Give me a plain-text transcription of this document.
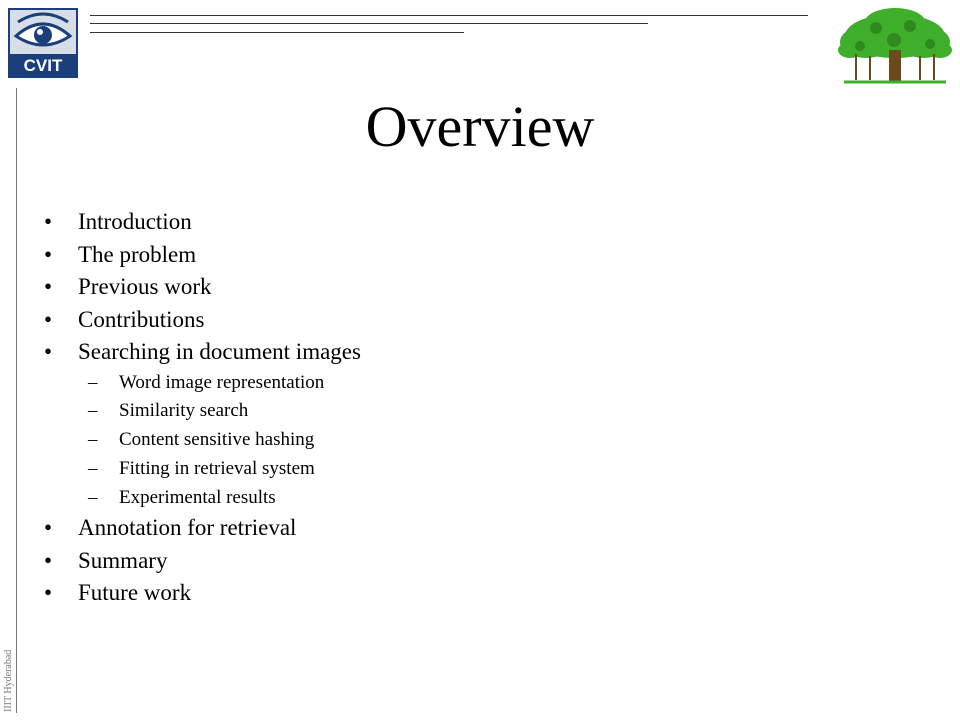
CVIT
IIIT Hyderabad
Overview
• Introduction
• The problem
• Previous work
• Contributions
• Searching in document images
– Word image representation
– Similarity search
– Content sensitive hashing
– Fitting in retrieval system
– Experimental results
• Annotation for retrieval
• Summary
• Future work
